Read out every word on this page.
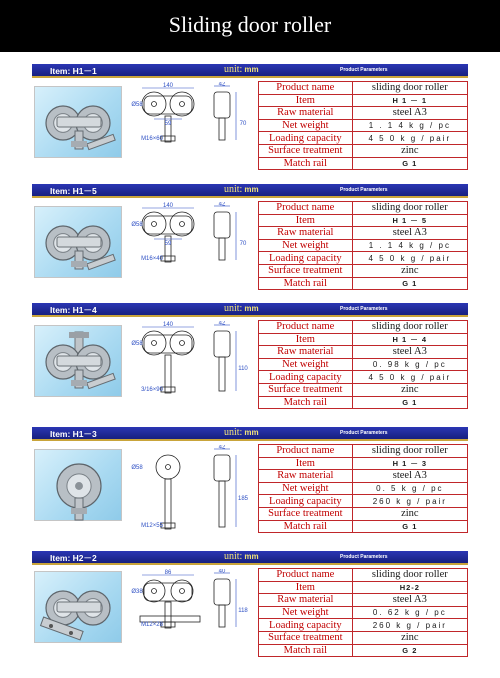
Sliding door roller
Item: H1－1	unit: mm	Product Parameters
140	42
Ø58
59	70
M16×60
Product name	sliding door roller
Item	H 1 － 1
Raw material	steel A3
Net weight	1 . 1 4 k g / pc
Loading capacity	4 5 0 k g / pair
Surface treatment	zinc
Match rail	G 1
Item: H1－5	unit: mm	Product Parameters
140	42
Ø58
59	70
M16×40
Product name	sliding door roller
Item	H 1 － 5
Raw material	steel A3
Net weight	1 . 1 4 k g / pc
Loading capacity	4 5 0 k g / pair
Surface treatment	zinc
Match rail	G 1
Item: H1－4	unit: mm	Product Parameters
140	42
Ø58
110
3/16×90
Product name	sliding door roller
Item	H 1 － 4
Raw material	steel A3
Net weight	0. 98 k g / pc
Loading capacity	4 5 0 k g / pair
Surface treatment	zinc
Match rail	G 1
Item: H1－3	unit: mm	Product Parameters
42
Ø58
185
M12×55
Product name	sliding door roller
Item	H 1 － 3
Raw material	steel A3
Net weight	0. 5 k g / pc
Loading capacity	260 k g / pair
Surface treatment	zinc
Match rail	G 1
Item: H2－2	unit: mm	Product Parameters
86	40
Ø38
118
M12×28
Product name	sliding door roller
Item	H2-2
Raw material	steel A3
Net weight	0. 62 k g / pc
Loading capacity	260 k g / pair
Surface treatment	zinc
Match rail	G 2
